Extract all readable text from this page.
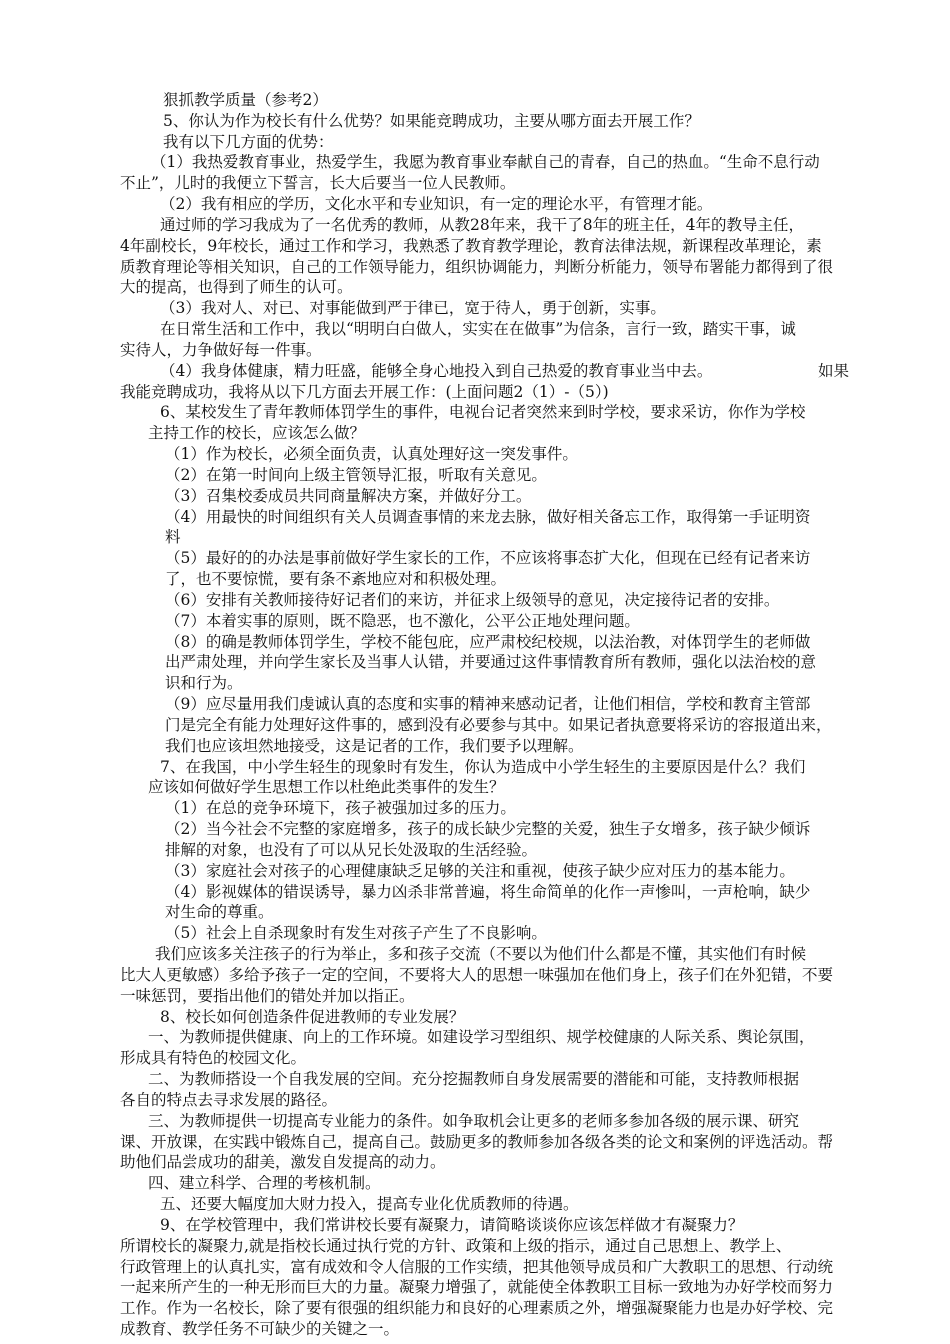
狠抓教学质量（参考2）
5、你认为作为校长有什么优势？如果能竞聘成功，主要从哪方面去开展工作？
我有以下几方面的优势：
（1）我热爱教育事业，热爱学生，我愿为教育事业奉献自己的青春，自己的热血。“生命不息行动
不止”，儿时的我便立下誓言，长大后要当一位人民教师。
（2）我有相应的学历，文化水平和专业知识，有一定的理论水平，有管理才能。
通过师的学习我成为了一名优秀的教师，从教28年来，我干了8年的班主任，4年的教导主任，
4年副校长，9年校长，通过工作和学习，我熟悉了教育教学理论，教育法律法规，新课程改革理论，素
质教育理论等相关知识，自己的工作领导能力，组织协调能力，判断分析能力，领导布署能力都得到了很
大的提高，也得到了师生的认可。
（3）我对人、对已、对事能做到严于律已，宽于待人，勇于创新，实事。
在日常生活和工作中，我以“明明白白做人，实实在在做事”为信条，言行一致，踏实干事，诚
实待人，力争做好每一件事。
（4）我身体健康，精力旺盛，能够全身心地投入到自己热爱的教育事业当中去。	如果
我能竞聘成功，我将从以下几方面去开展工作：(上面问题2（1）-（5）)
6、某校发生了青年教师体罚学生的事件，电视台记者突然来到时学校，要求采访，你作为学校
主持工作的校长，应该怎么做？
（1）作为校长，必须全面负责，认真处理好这一突发事件。
（2）在第一时间向上级主管领导汇报，听取有关意见。
（3）召集校委成员共同商量解决方案，并做好分工。
（4）用最快的时间组织有关人员调查事情的来龙去脉，做好相关备忘工作，取得第一手证明资
料
（5）最好的的办法是事前做好学生家长的工作，不应该将事态扩大化，但现在已经有记者来访
了，也不要惊慌，要有条不紊地应对和积极处理。
（6）安排有关教师接待好记者们的来访，并征求上级领导的意见，决定接待记者的安排。
（7）本着实事的原则，既不隐恶，也不激化，公平公正地处理问题。
（8）的确是教师体罚学生，学校不能包庇，应严肃校纪校规，以法治教，对体罚学生的老师做
出严肃处理，并向学生家长及当事人认错，并要通过这件事情教育所有教师，强化以法治校的意
识和行为。
（9）应尽量用我们虔诚认真的态度和实事的精神来感动记者，让他们相信，学校和教育主管部
门是完全有能力处理好这件事的，感到没有必要参与其中。如果记者执意要将采访的容报道出来，
我们也应该坦然地接受，这是记者的工作，我们要予以理解。
7、在我国，中小学生轻生的现象时有发生，你认为造成中小学生轻生的主要原因是什么？我们
应该如何做好学生思想工作以杜绝此类事件的发生？
（1）在总的竞争环境下，孩子被强加过多的压力。
（2）当今社会不完整的家庭增多，孩子的成长缺少完整的关爱，独生子女增多，孩子缺少倾诉
排解的对象，也没有了可以从兄长处汲取的生活经验。
（3）家庭社会对孩子的心理健康缺乏足够的关注和重视，使孩子缺少应对压力的基本能力。
（4）影视媒体的错误诱导，暴力凶杀非常普遍，将生命简单的化作一声惨叫，一声枪响，缺少
对生命的尊重。
（5）社会上自杀现象时有发生对孩子产生了不良影响。
我们应该多关注孩子的行为举止，多和孩子交流（不要以为他们什么都是不懂，其实他们有时候
比大人更敏感）多给予孩子一定的空间，不要将大人的思想一味强加在他们身上，孩子们在外犯错，不要
一味惩罚，要指出他们的错处并加以指正。
8、校长如何创造条件促进教师的专业发展？
一、为教师提供健康、向上的工作环境。如建设学习型组织、规学校健康的人际关系、舆论氛围，
形成具有特色的校园文化。
二、为教师搭设一个自我发展的空间。充分挖掘教师自身发展需要的潜能和可能，支持教师根据
各自的特点去寻求发展的路径。
三、为教师提供一切提高专业能力的条件。如争取机会让更多的老师多参加各级的展示课、研究
课、开放课，在实践中锻炼自己，提高自己。鼓励更多的教师参加各级各类的论文和案例的评选活动。帮
助他们品尝成功的甜美，激发自发提高的动力。
四、建立科学、合理的考核机制。
五、还要大幅度加大财力投入，提高专业化优质教师的待遇。
9、在学校管理中，我们常讲校长要有凝聚力，请简略谈谈你应该怎样做才有凝聚力？
所谓校长的凝聚力,就是指校长通过执行党的方针、政策和上级的指示，通过自己思想上、教学上、
行政管理上的认真扎实，富有成效和令人信服的工作实绩，把其他领导成员和广大教职工的思想、行动统
一起来所产生的一种无形而巨大的力量。凝聚力增强了，就能使全体教职工目标一致地为办好学校而努力
工作。作为一名校长，除了要有很强的组织能力和良好的心理素质之外，增强凝聚能力也是办好学校、完
成教育、教学任务不可缺少的关键之一。
